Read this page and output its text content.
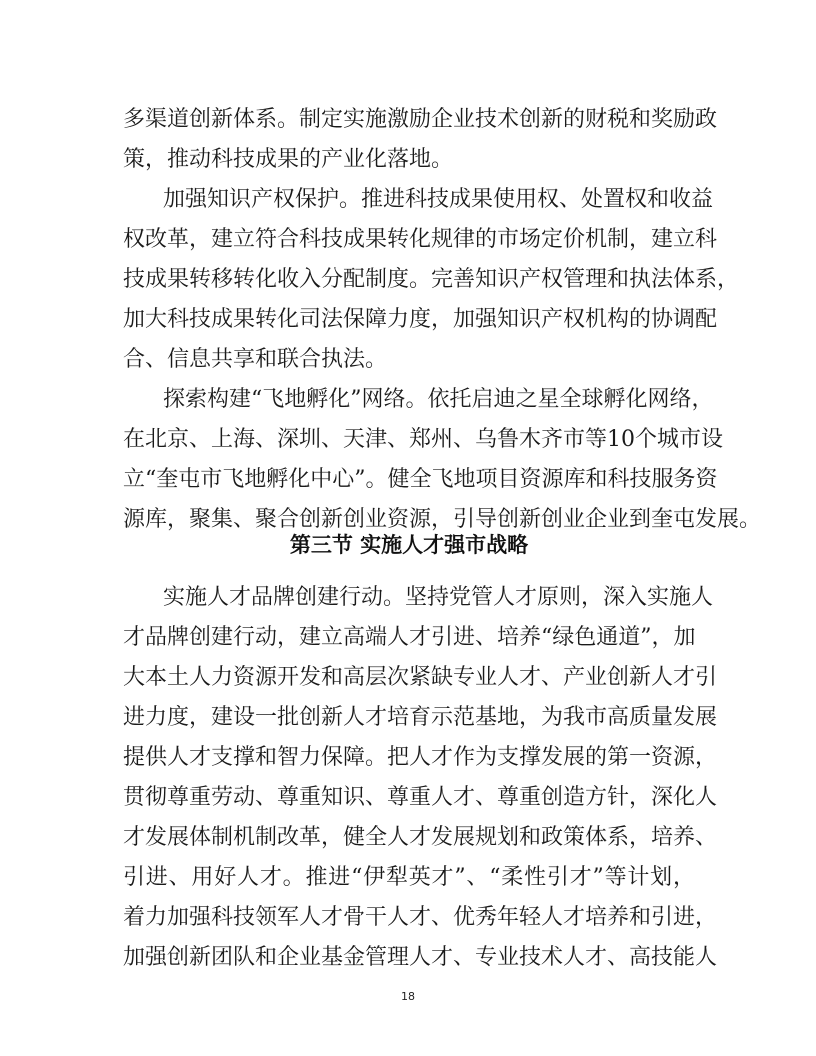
多渠道创新体系。制定实施激励企业技术创新的财税和奖励政
策，推动科技成果的产业化落地。
加强知识产权保护。推进科技成果使用权、处置权和收益
权改革，建立符合科技成果转化规律的市场定价机制，建立科
技成果转移转化收入分配制度。完善知识产权管理和执法体系，
加大科技成果转化司法保障力度，加强知识产权机构的协调配
合、信息共享和联合执法。
探索构建“飞地孵化”网络。依托启迪之星全球孵化网络，
在北京、上海、深圳、天津、郑州、乌鲁木齐市等10个城市设
立“奎屯市飞地孵化中心”。健全飞地项目资源库和科技服务资
源库，聚集、聚合创新创业资源，引导创新创业企业到奎屯发展。
第三节 实施人才强市战略
实施人才品牌创建行动。坚持党管人才原则，深入实施人
才品牌创建行动，建立高端人才引进、培养“绿色通道”，加
大本土人力资源开发和高层次紧缺专业人才、产业创新人才引
进力度，建设一批创新人才培育示范基地，为我市高质量发展
提供人才支撑和智力保障。把人才作为支撑发展的第一资源，
贯彻尊重劳动、尊重知识、尊重人才、尊重创造方针，深化人
才发展体制机制改革，健全人才发展规划和政策体系，培养、
引进、用好人才。推进“伊犁英才”、“柔性引才”等计划，
着力加强科技领军人才骨干人才、优秀年轻人才培养和引进，
加强创新团队和企业基金管理人才、专业技术人才、高技能人
18
